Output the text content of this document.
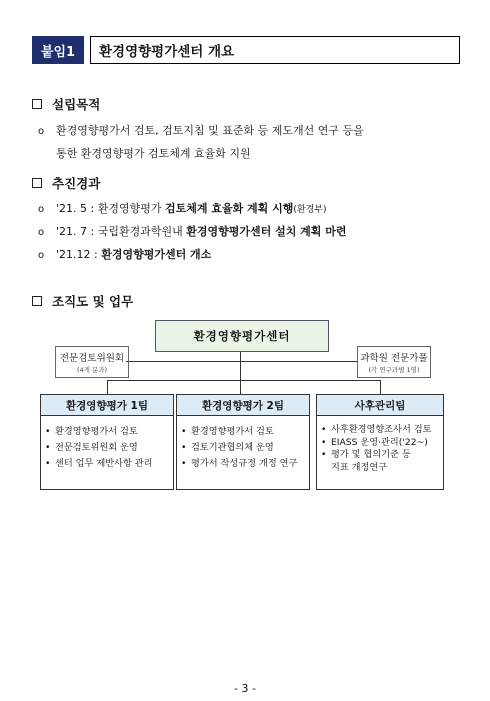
붙임1	환경영향평가센터 개요
설립목적
o	환경영향평가서 검토, 검토지침 및 표준화 등 제도개선 연구 등을
통한 환경영향평가 검토체계 효율화 지원
추진경과
o	'21. 5 :
환경영향평가
검토체계 효율화 계획 시행 (환경부)
o	'21. 7 :
국립환경과학원내
환경영향평가센터 설치 계획 마련
o	'21.12 :
환경영향평가센터 개소
조직도 및 업무
환경영향평가센터
전문검토위원회
(4개 분과)
과학원 전문가풀
(각 연구과별 1명)
환경영향평가 1팀
• 환경영향평가서 검토
• 전문검토위원회 운영
• 센터 업무 제반사항 관리
환경영향평가 2팀
• 환경영향평가서 검토
• 검토기관협의체 운영
• 평가서 작성규정 개정 연구
사후관리팀
• 사후환경영향조사서 검토
• EIASS 운영·관리('22~)
• 평가 및 협의기준 등
지표 개정연구
- 3 -
